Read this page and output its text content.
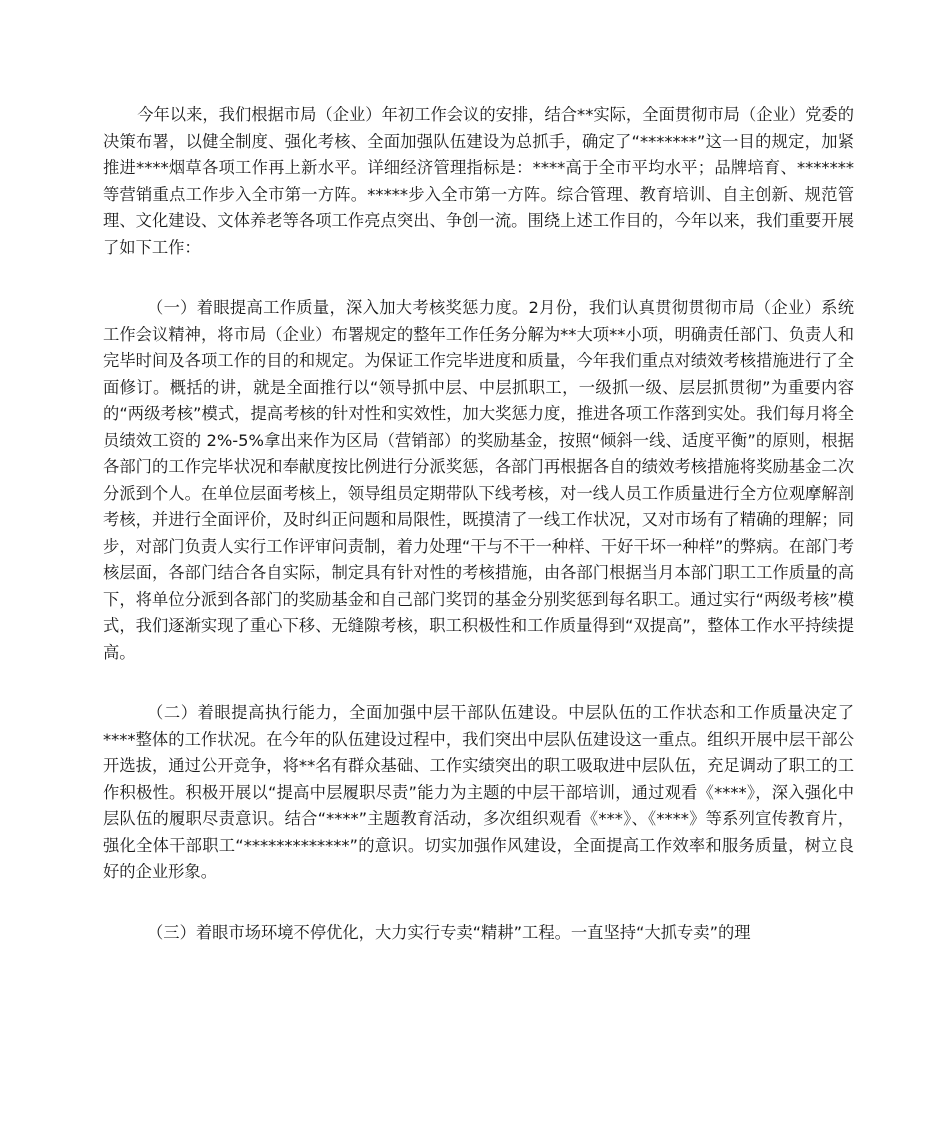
今年以来，我们根据市局（企业）年初工作会议的安排，结合**实际，全面贯彻市局（企业）党委的决策布署，以健全制度、强化考核、全面加强队伍建设为总抓手，确定了“*******”这一目的规定，加紧推进****烟草各项工作再上新水平。详细经济管理指标是：****高于全市平均水平；品牌培育、*******等营销重点工作步入全市第一方阵。*****步入全市第一方阵。综合管理、教育培训、自主创新、规范管理、文化建设、文体养老等各项工作亮点突出、争创一流。围绕上述工作目的，今年以来，我们重要开展了如下工作：

（一）着眼提高工作质量，深入加大考核奖惩力度。2月份，我们认真贯彻贯彻市局（企业）系统工作会议精神，将市局（企业）布署规定的整年工作任务分解为**大项**小项，明确责任部门、负责人和完毕时间及各项工作的目的和规定。为保证工作完毕进度和质量，今年我们重点对绩效考核措施进行了全面修订。概括的讲，就是全面推行以“领导抓中层、中层抓职工，一级抓一级、层层抓贯彻”为重要内容的“两级考核”模式，提高考核的针对性和实效性，加大奖惩力度，推进各项工作落到实处。我们每月将全员绩效工资的 2%-5%拿出来作为区局（营销部）的奖励基金，按照“倾斜一线、适度平衡”的原则，根据各部门的工作完毕状况和奉献度按比例进行分派奖惩，各部门再根据各自的绩效考核措施将奖励基金二次分派到个人。在单位层面考核上，领导组员定期带队下线考核，对一线人员工作质量进行全方位观摩解剖考核，并进行全面评价，及时纠正问题和局限性，既摸清了一线工作状况，又对市场有了精确的理解；同步，对部门负责人实行工作评审问责制，着力处理“干与不干一种样、干好干坏一种样”的弊病。在部门考核层面，各部门结合各自实际，制定具有针对性的考核措施，由各部门根据当月本部门职工工作质量的高下，将单位分派到各部门的奖励基金和自己部门奖罚的基金分别奖惩到每名职工。通过实行“两级考核”模式，我们逐渐实现了重心下移、无缝隙考核，职工积极性和工作质量得到“双提高”，整体工作水平持续提高。

（二）着眼提高执行能力，全面加强中层干部队伍建设。中层队伍的工作状态和工作质量决定了****整体的工作状况。在今年的队伍建设过程中，我们突出中层队伍建设这一重点。组织开展中层干部公开选拔，通过公开竞争，将**名有群众基础、工作实绩突出的职工吸取进中层队伍，充足调动了职工的工作积极性。积极开展以“提高中层履职尽责”能力为主题的中层干部培训，通过观看《****》，深入强化中层队伍的履职尽责意识。结合“****”主题教育活动，多次组织观看《***》、《****》等系列宣传教育片，强化全体干部职工“*************”的意识。切实加强作风建设，全面提高工作效率和服务质量，树立良好的企业形象。

（三）着眼市场环境不停优化，大力实行专卖“精耕”工程。一直坚持“大抓专卖”的理
